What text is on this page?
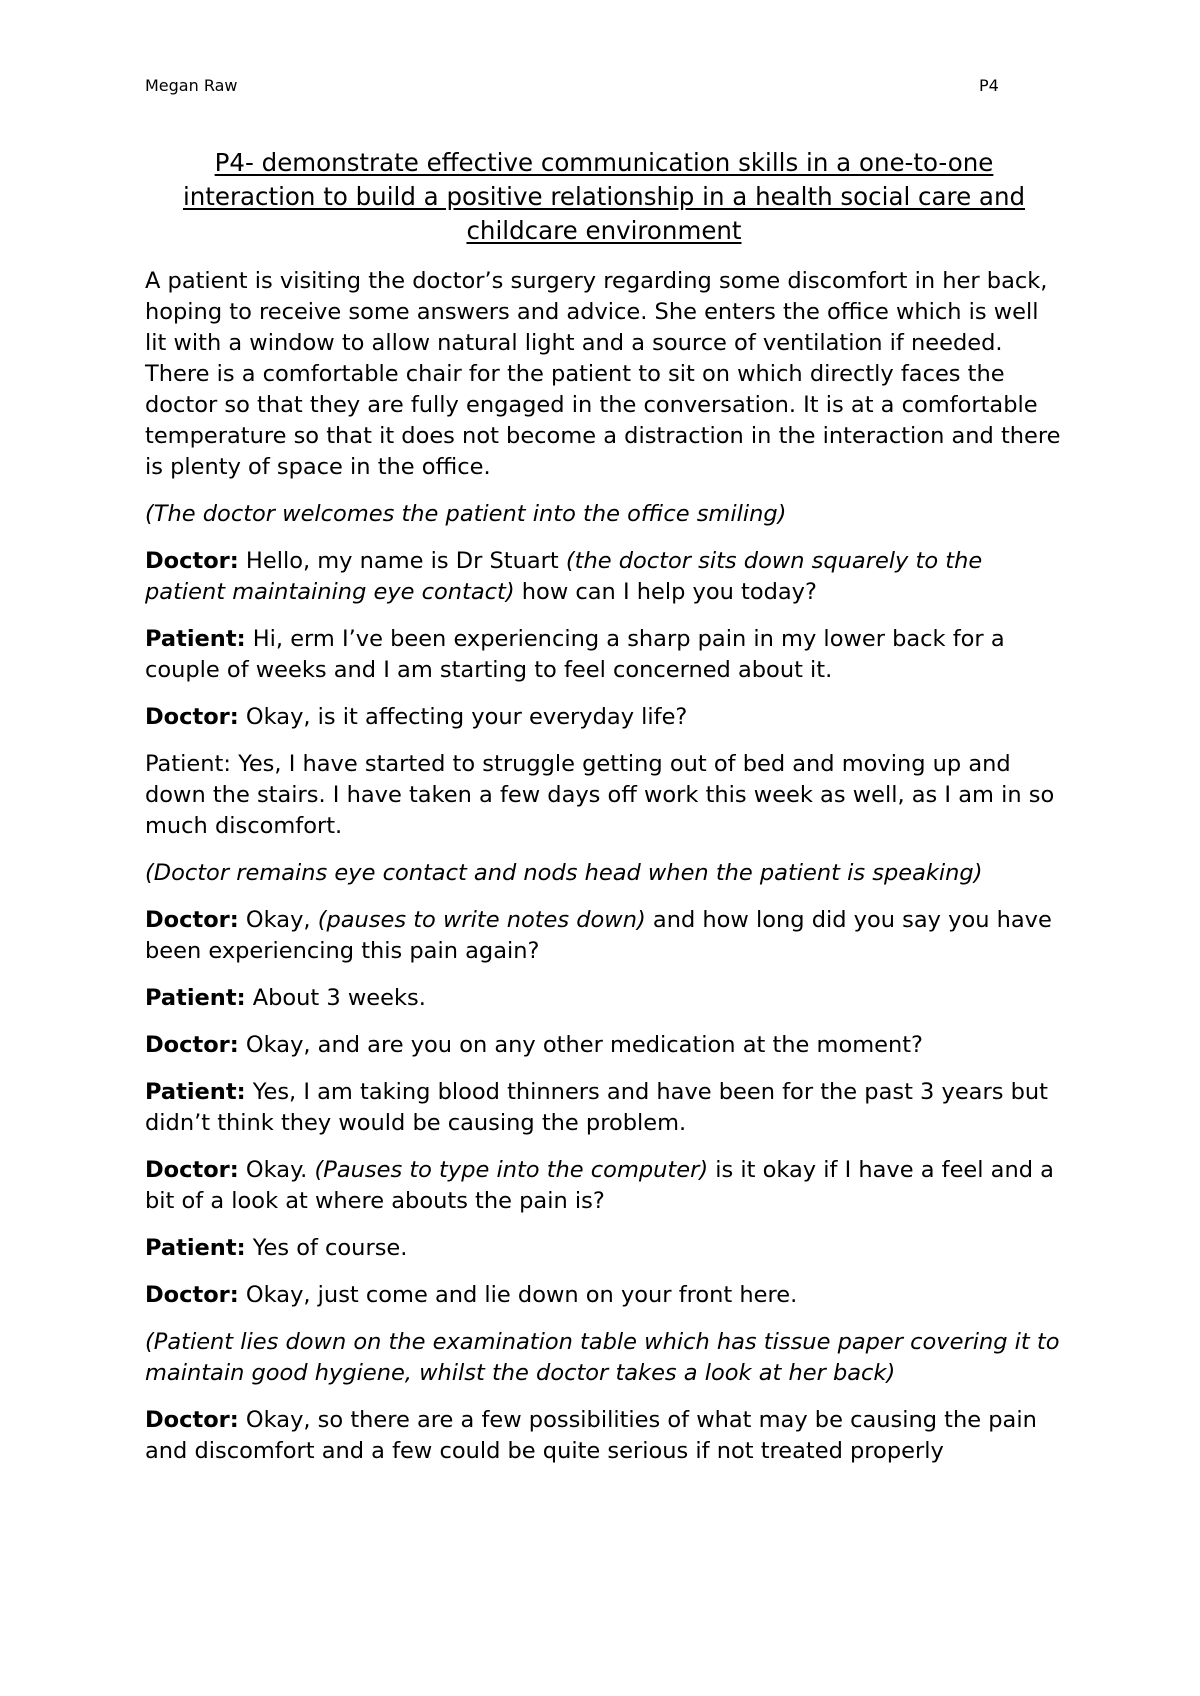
Megan Raw	P4
P4- demonstrate effective communication skills in a one-to-one interaction to build a positive relationship in a health social care and childcare environment

A patient is visiting the doctor’s surgery regarding some discomfort in her back, hoping to receive some answers and advice. She enters the office which is well lit with a window to allow natural light and a source of ventilation if needed. There is a comfortable chair for the patient to sit on which directly faces the doctor so that they are fully engaged in the conversation. It is at a comfortable temperature so that it does not become a distraction in the interaction and there is plenty of space in the office.

(The doctor welcomes the patient into the office smiling)

Doctor: Hello, my name is Dr Stuart (the doctor sits down squarely to the patient maintaining eye contact) how can I help you today?

Patient: Hi, erm I’ve been experiencing a sharp pain in my lower back for a couple of weeks and I am starting to feel concerned about it.

Doctor: Okay, is it affecting your everyday life?

Patient: Yes, I have started to struggle getting out of bed and moving up and down the stairs. I have taken a few days off work this week as well, as I am in so much discomfort.

(Doctor remains eye contact and nods head when the patient is speaking)

Doctor: Okay, (pauses to write notes down) and how long did you say you have been experiencing this pain again?

Patient: About 3 weeks.

Doctor: Okay, and are you on any other medication at the moment?

Patient: Yes, I am taking blood thinners and have been for the past 3 years but didn’t think they would be causing the problem.

Doctor: Okay. (Pauses to type into the computer) is it okay if I have a feel and a bit of a look at where abouts the pain is?

Patient: Yes of course.

Doctor: Okay, just come and lie down on your front here.

(Patient lies down on the examination table which has tissue paper covering it to maintain good hygiene, whilst the doctor takes a look at her back)

Doctor: Okay, so there are a few possibilities of what may be causing the pain and discomfort and a few could be quite serious if not treated properly
